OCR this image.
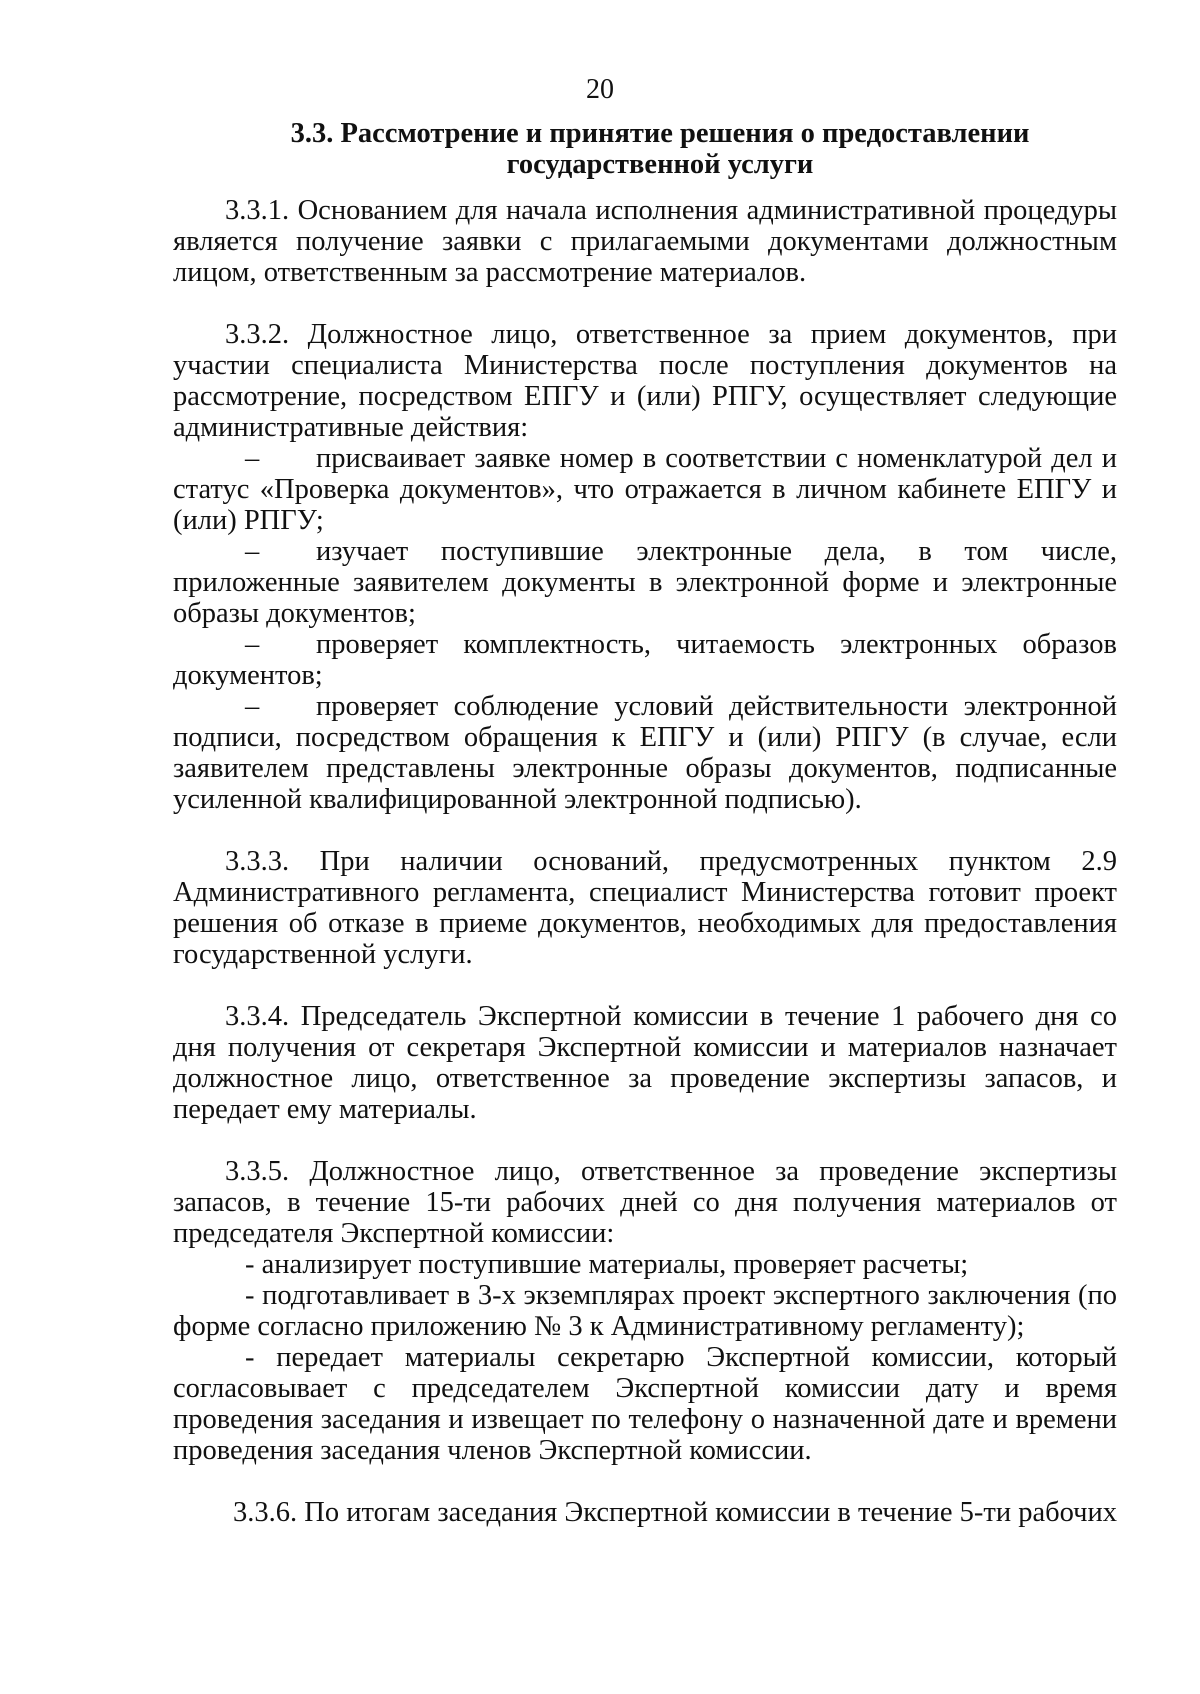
20
3.3. Рассмотрение и принятие решения о предоставлении
государственной услуги

3.3.1. Основанием для начала исполнения административной процедуры является получение заявки с прилагаемыми документами должностным лицом, ответственным за рассмотрение материалов.

3.3.2. Должностное лицо, ответственное за прием документов, при участии специалиста Министерства после поступления документов на рассмотрение, посредством ЕПГУ и (или) РПГУ, осуществляет следующие административные действия:

– присваивает заявке номер в соответствии с номенклатурой дел и статус «Проверка документов», что отражается в личном кабинете ЕПГУ и (или) РПГУ;

– изучает поступившие электронные дела, в том числе, приложенные заявителем документы в электронной форме и электронные образы документов;

– проверяет комплектность, читаемость электронных образов документов;

– проверяет соблюдение условий действительности электронной подписи, посредством обращения к ЕПГУ и (или) РПГУ (в случае, если заявителем представлены электронные образы документов, подписанные усиленной квалифицированной электронной подписью).

3.3.3. При наличии оснований, предусмотренных пунктом 2.9 Административного регламента, специалист Министерства готовит проект решения об отказе в приеме документов, необходимых для предоставления государственной услуги.

3.3.4. Председатель Экспертной комиссии в течение 1 рабочего дня со дня получения от секретаря Экспертной комиссии и материалов назначает должностное лицо, ответственное за проведение экспертизы запасов, и передает ему материалы.

3.3.5. Должностное лицо, ответственное за проведение экспертизы запасов, в течение 15-ти рабочих дней со дня получения материалов от председателя Экспертной комиссии:

- анализирует поступившие материалы, проверяет расчеты;

- подготавливает в 3-х экземплярах проект экспертного заключения (по форме согласно приложению № 3 к Административному регламенту);

- передает материалы секретарю Экспертной комиссии, который согласовывает с председателем Экспертной комиссии дату и время проведения заседания и извещает по телефону о назначенной дате и времени проведения заседания членов Экспертной комиссии.

3.3.6. По итогам заседания Экспертной комиссии в течение 5-ти рабочих
